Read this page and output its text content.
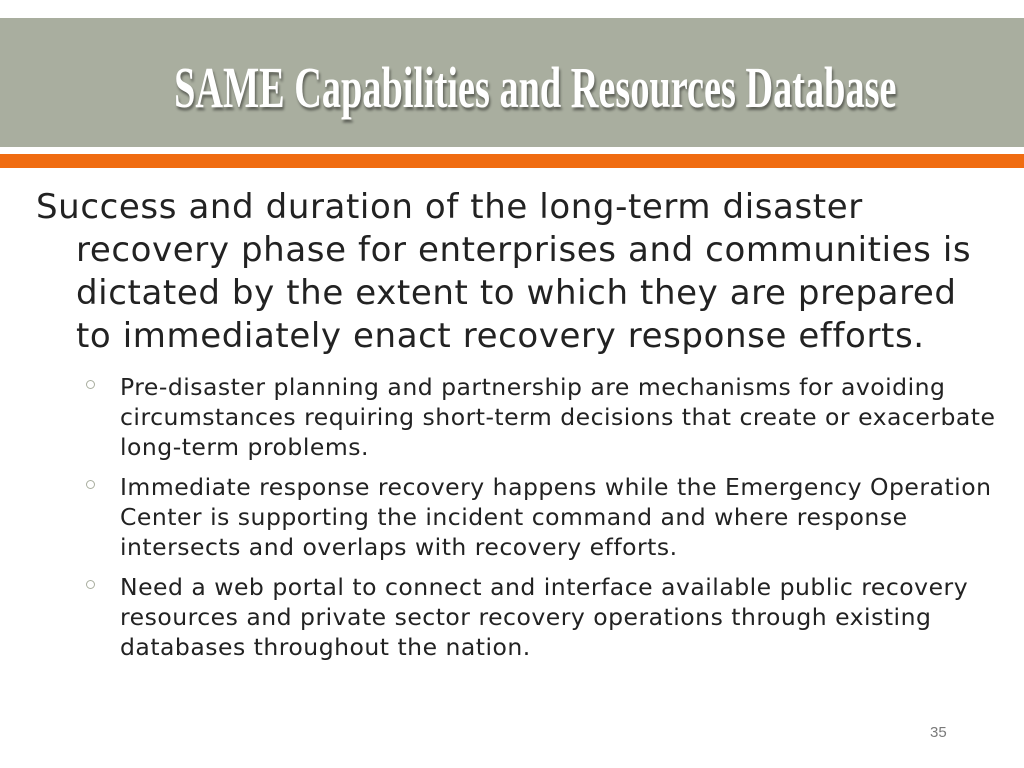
SAME Capabilities and Resources Database

Success and duration of the long-term disaster recovery phase for enterprises and communities is dictated by the extent to which they are prepared to immediately enact recovery response efforts.

Pre-disaster planning and partnership are mechanisms for avoiding circumstances requiring short-term decisions that create or exacerbate long-term problems.
Immediate response recovery happens while the Emergency Operation Center is supporting the incident command and where response intersects and overlaps with recovery efforts.
Need a web portal to connect and interface available public recovery resources and private sector recovery operations through existing databases throughout the nation.
35
